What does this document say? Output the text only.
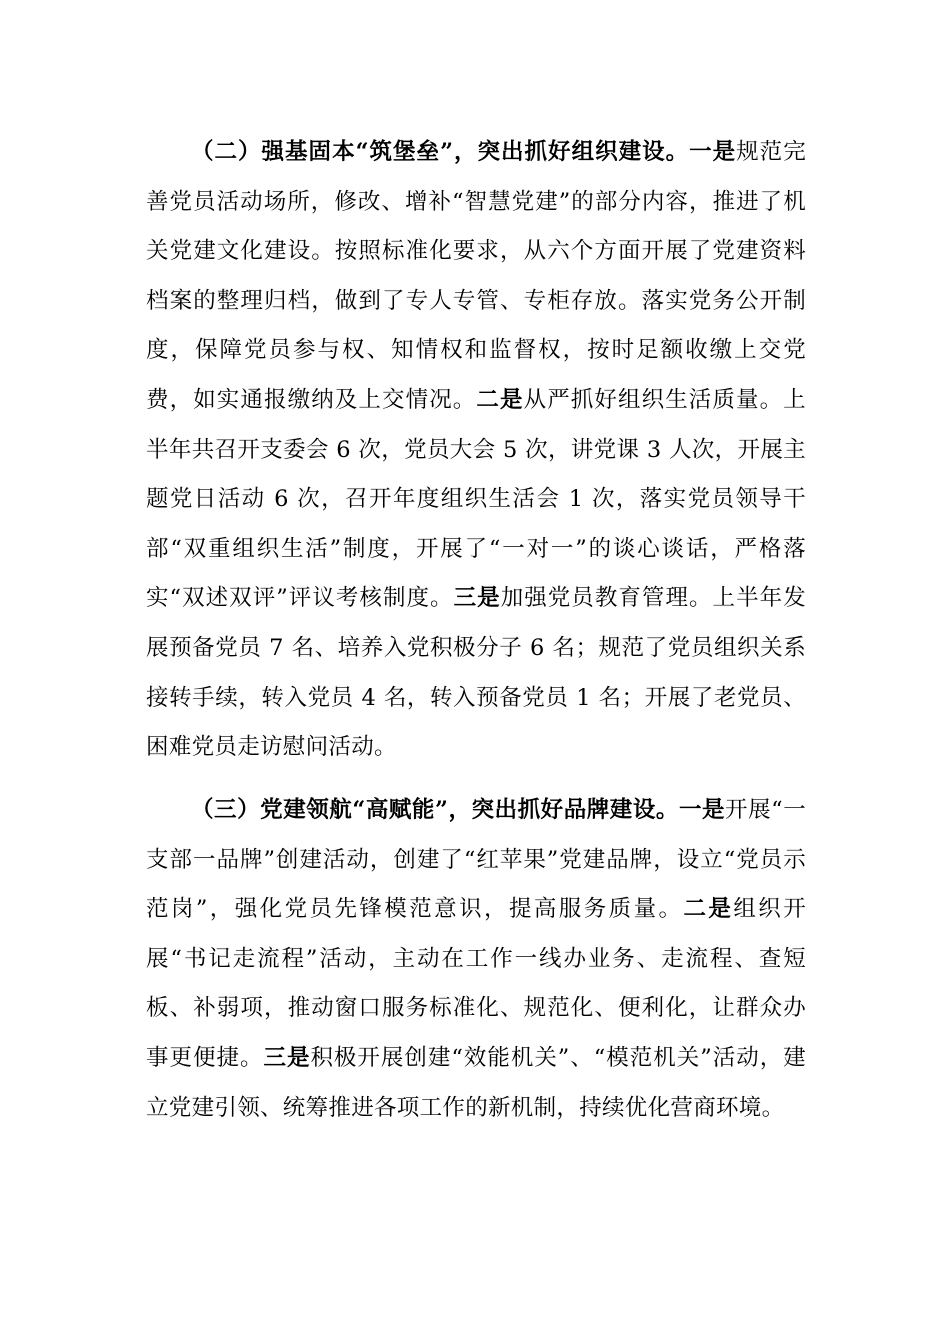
（二）强基固本“筑堡垒”，突出抓好组织建设。一是规范完善党员活动场所，修改、增补“智慧党建”的部分内容，推进了机关党建文化建设。按照标准化要求，从六个方面开展了党建资料档案的整理归档，做到了专人专管、专柜存放。落实党务公开制度，保障党员参与权、知情权和监督权，按时足额收缴上交党费，如实通报缴纳及上交情况。二是从严抓好组织生活质量。上半年共召开支委会 6 次，党员大会 5 次，讲党课 3 人次，开展主题党日活动 6 次，召开年度组织生活会 1 次，落实党员领导干部“双重组织生活”制度，开展了“一对一”的谈心谈话，严格落实“双述双评”评议考核制度。三是加强党员教育管理。上半年发展预备党员 7 名、培养入党积极分子 6 名；规范了党员组织关系接转手续，转入党员 4 名，转入预备党员 1 名；开展了老党员、困难党员走访慰问活动。

（三）党建领航“高赋能”，突出抓好品牌建设。一是开展“一支部一品牌”创建活动，创建了“红苹果”党建品牌，设立“党员示范岗”，强化党员先锋模范意识，提高服务质量。二是组织开展“书记走流程”活动，主动在工作一线办业务、走流程、查短板、补弱项，推动窗口服务标准化、规范化、便利化，让群众办事更便捷。三是积极开展创建“效能机关”、“模范机关”活动，建立党建引领、统筹推进各项工作的新机制，持续优化营商环境。
